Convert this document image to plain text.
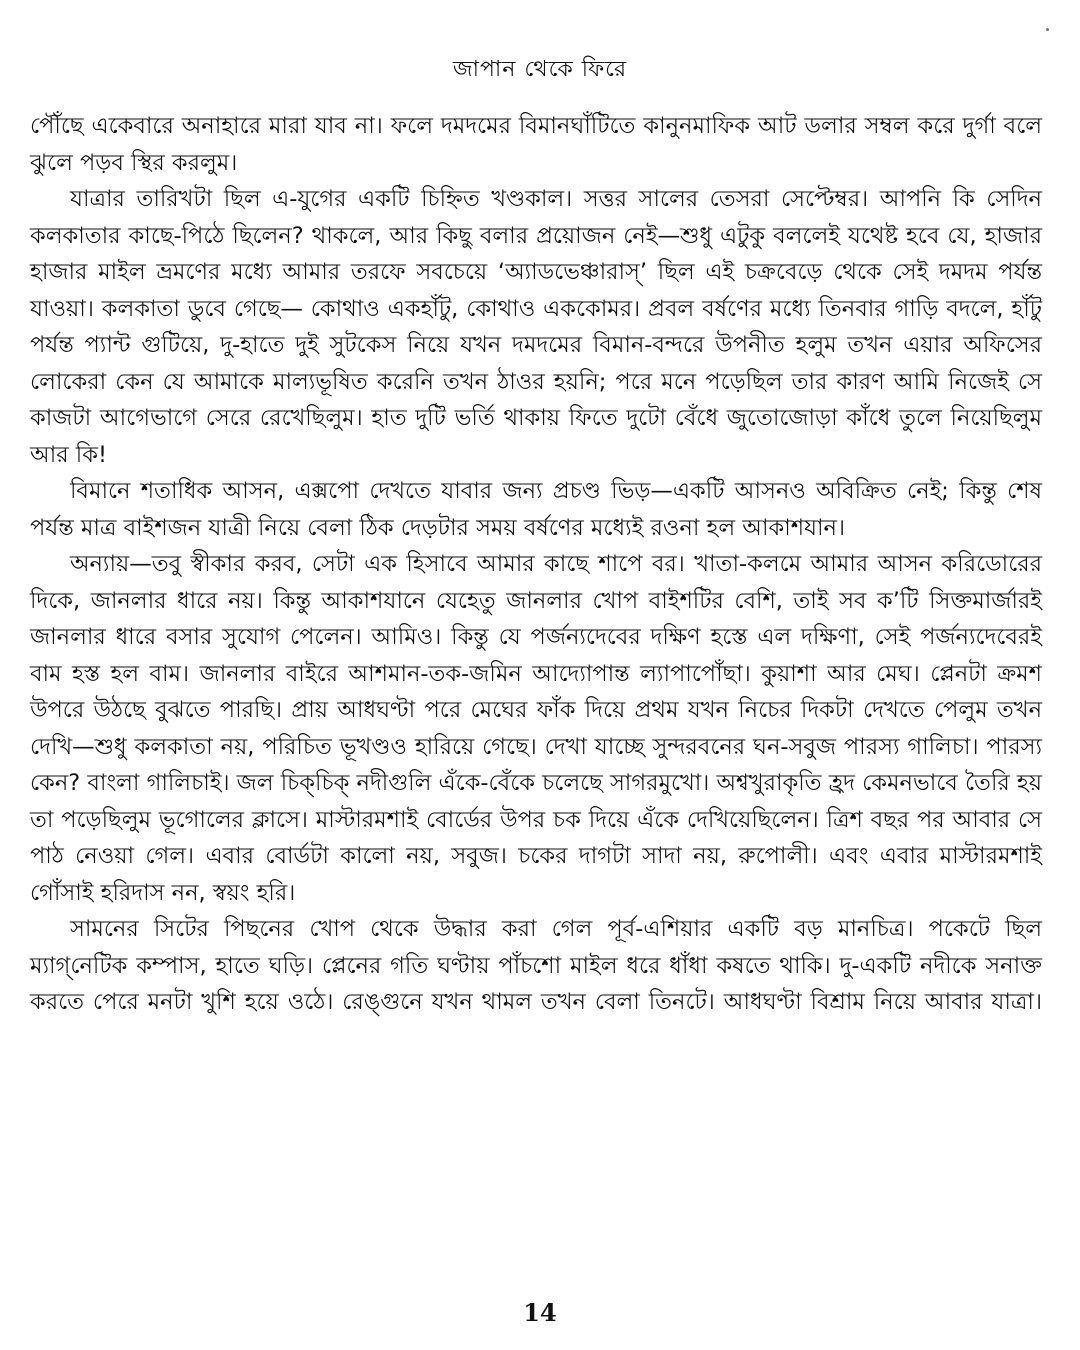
জাপান থেকে ফিরে

পৌঁছে একেবারে অনাহারে মারা যাব না। ফলে দমদমের বিমানঘাঁটিতে কানুনমাফিক আট ডলার সম্বল করে দুর্গা বলে ঝুলে পড়ব স্থির করলুম।

যাত্রার তারিখটা ছিল এ-যুগের একটি চিহ্নিত খণ্ডকাল। সত্তর সালের তেসরা সেপ্টেম্বর। আপনি কি সেদিন কলকাতার কাছে-পিঠে ছিলেন? থাকলে, আর কিছু বলার প্রয়োজন নেই—শুধু এটুকু বললেই যথেষ্ট হবে যে, হাজার হাজার মাইল ভ্রমণের মধ্যে আমার তরফে সবচেয়ে ‘অ্যাডভেঞ্চারাস্’ ছিল এই চক্রবেড়ে থেকে সেই দমদম পর্যন্ত যাওয়া। কলকাতা ডুবে গেছে— কোথাও একহাঁটু, কোথাও এককোমর। প্রবল বর্ষণের মধ্যে তিনবার গাড়ি বদলে, হাঁটু পর্যন্ত প্যান্ট গুটিয়ে, দু-হাতে দুই সুটকেস নিয়ে যখন দমদমের বিমান-বন্দরে উপনীত হলুম তখন এয়ার অফিসের লোকেরা কেন যে আমাকে মাল্যভূষিত করেনি তখন ঠাওর হয়নি; পরে মনে পড়েছিল তার কারণ আমি নিজেই সে কাজটা আগেভাগে সেরে রেখেছিলুম। হাত দুটি ভর্তি থাকায় ফিতে দুটো বেঁধে জুতোজোড়া কাঁধে তুলে নিয়েছিলুম আর কি!

বিমানে শতাধিক আসন, এক্সপো দেখতে যাবার জন্য প্রচণ্ড ভিড়—একটি আসনও অবিক্রিত নেই; কিন্তু শেষ পর্যন্ত মাত্র বাইশজন যাত্রী নিয়ে বেলা ঠিক দেড়টার সময় বর্ষণের মধ্যেই রওনা হল আকাশযান।

অন্যায়—তবু স্বীকার করব, সেটা এক হিসাবে আমার কাছে শাপে বর। খাতা-কলমে আমার আসন করিডোরের দিকে, জানলার ধারে নয়। কিন্তু আকাশযানে যেহেতু জানলার খোপ বাইশটির বেশি, তাই সব ক’টি সিক্তমার্জারই জানলার ধারে বসার সুযোগ পেলেন। আমিও। কিন্তু যে পর্জন্যদেবের দক্ষিণ হস্তে এল দক্ষিণা, সেই পর্জন্যদেবেরই বাম হস্ত হল বাম। জানলার বাইরে আশমান-তক-জমিন আদ্যোপান্ত ল্যাপাপোঁছা। কুয়াশা আর মেঘ। প্লেনটা ক্রমশ উপরে উঠছে বুঝতে পারছি। প্রায় আধঘণ্টা পরে মেঘের ফাঁক দিয়ে প্রথম যখন নিচের দিকটা দেখতে পেলুম তখন দেখি—শুধু কলকাতা নয়, পরিচিত ভূখণ্ডও হারিয়ে গেছে। দেখা যাচ্ছে সুন্দরবনের ঘন-সবুজ পারস্য গালিচা। পারস্য কেন? বাংলা গালিচাই। জল চিক্‌চিক্ নদীগুলি এঁকে-বেঁকে চলেছে সাগরমুখো। অশ্বখুরাকৃতি হ্রদ কেমনভাবে তৈরি হয় তা পড়েছিলুম ভূগোলের ক্লাসে। মাস্টারমশাই বোর্ডের উপর চক দিয়ে এঁকে দেখিয়েছিলেন। ত্রিশ বছর পর আবার সে পাঠ নেওয়া গেল। এবার বোর্ডটা কালো নয়, সবুজ। চকের দাগটা সাদা নয়, রুপোলী। এবং এবার মাস্টারমশাই গোঁসাই হরিদাস নন, স্বয়ং হরি।

সামনের সিটের পিছনের খোপ থেকে উদ্ধার করা গেল পূর্ব-এশিয়ার একটি বড় মানচিত্র। পকেটে ছিল ম্যাগ্‌নেটিক কম্পাস, হাতে ঘড়ি। প্লেনের গতি ঘণ্টায় পাঁচশো মাইল ধরে ধাঁধা কষতে থাকি। দু-একটি নদীকে সনাক্ত করতে পেরে মনটা খুশি হয়ে ওঠে। রেঙ্গুনে যখন থামল তখন বেলা তিনটে। আধঘণ্টা বিশ্রাম নিয়ে আবার যাত্রা।

14
